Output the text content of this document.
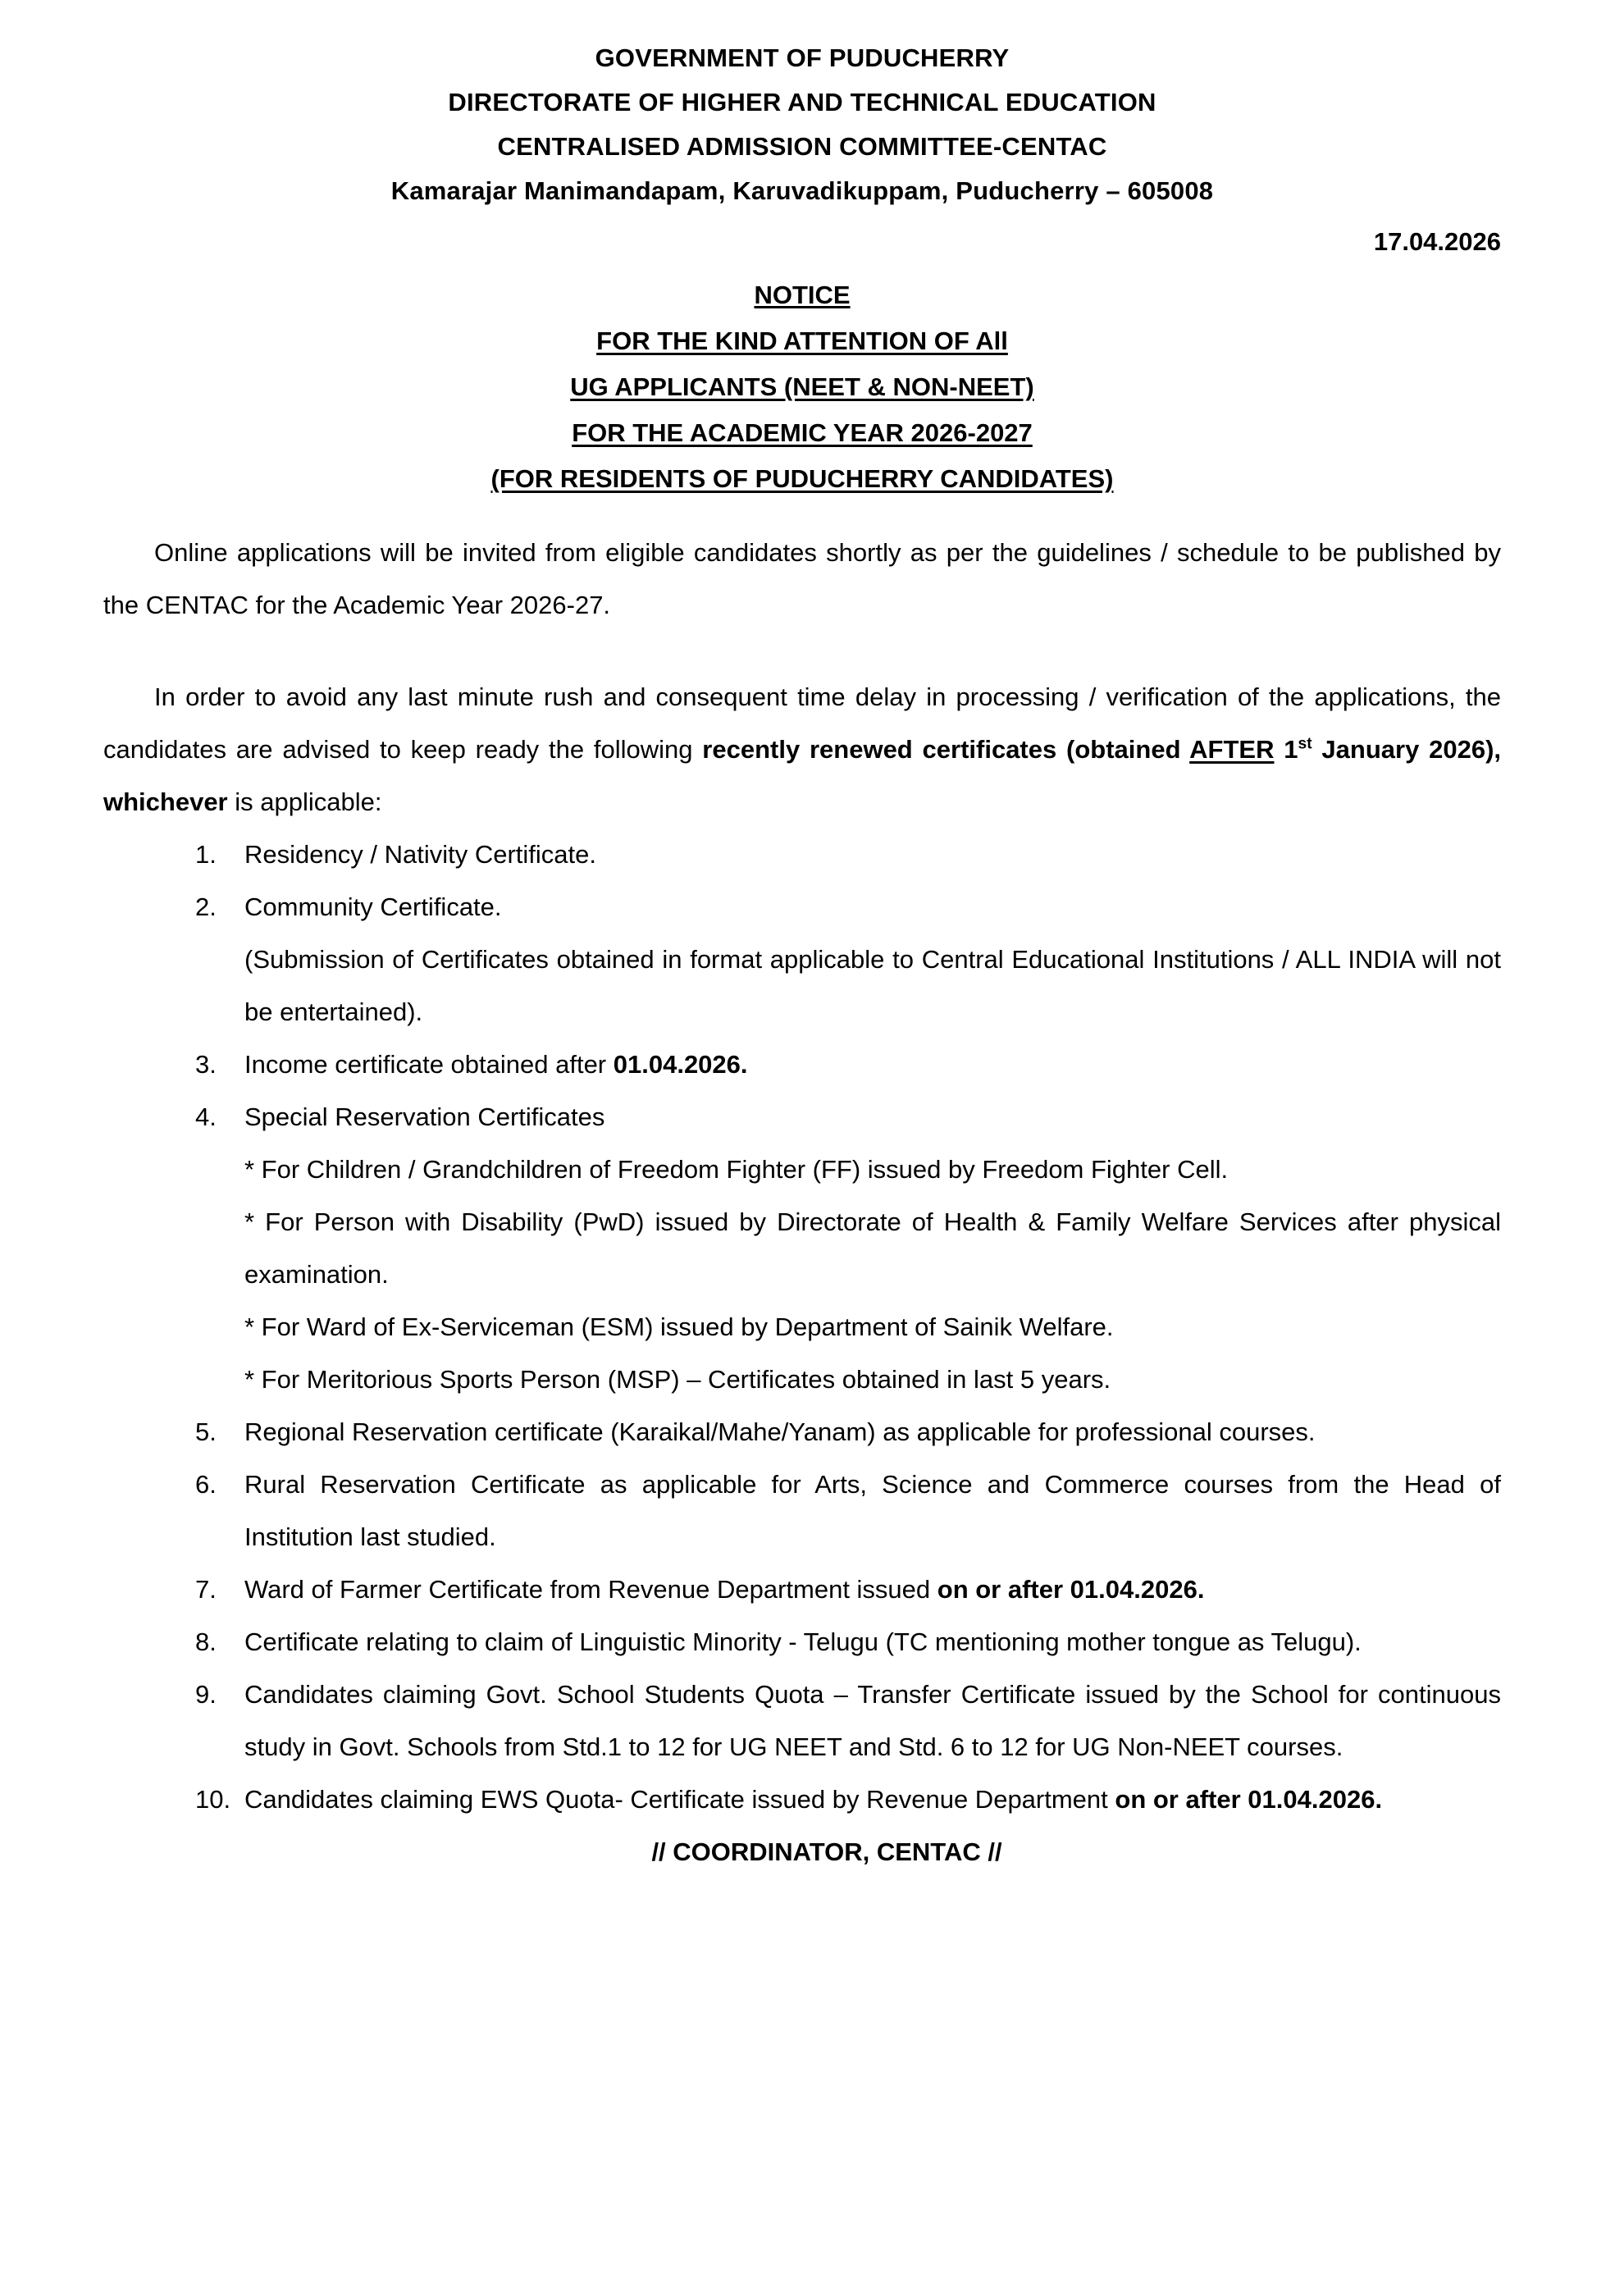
GOVERNMENT OF PUDUCHERRY
DIRECTORATE OF HIGHER AND TECHNICAL EDUCATION
CENTRALISED ADMISSION COMMITTEE-CENTAC
Kamarajar Manimandapam, Karuvadikuppam, Puducherry – 605008
17.04.2026
NOTICE
FOR THE KIND ATTENTION OF All
UG APPLICANTS (NEET & NON-NEET)
FOR THE ACADEMIC YEAR 2026-2027
(FOR RESIDENTS OF PUDUCHERRY CANDIDATES)

Online applications will be invited from eligible candidates shortly as per the guidelines / schedule to be published by the CENTAC for the Academic Year 2026-27.

In order to avoid any last minute rush and consequent time delay in processing / verification of the applications, the candidates are advised to keep ready the following recently renewed certificates (obtained AFTER 1st January 2026), whichever is applicable:

1.	Residency / Nativity Certificate.
2.	Community Certificate.
(Submission of Certificates obtained in format applicable to Central Educational Institutions / ALL INDIA will not be entertained).
3.	Income certificate obtained after 01.04.2026.
4.	Special Reservation Certificates
* For Children / Grandchildren of Freedom Fighter (FF) issued by Freedom Fighter Cell.
* For Person with Disability (PwD) issued by Directorate of Health & Family Welfare Services after physical examination.
* For Ward of Ex-Serviceman (ESM) issued by Department of Sainik Welfare.
* For Meritorious Sports Person (MSP) – Certificates obtained in last 5 years.
5.	Regional Reservation certificate (Karaikal/Mahe/Yanam) as applicable for professional courses.
6.	Rural Reservation Certificate as applicable for Arts, Science and Commerce courses from the Head of Institution last studied.
7.	Ward of Farmer Certificate from Revenue Department issued on or after 01.04.2026.
8.	Certificate relating to claim of Linguistic Minority - Telugu (TC mentioning mother tongue as Telugu).
9.	Candidates claiming Govt. School Students Quota – Transfer Certificate issued by the School for continuous study in Govt. Schools from Std.1 to 12 for UG NEET and Std. 6 to 12 for UG Non-NEET courses.
10. Candidates claiming EWS Quota- Certificate issued by Revenue Department on or after 01.04.2026.
// COORDINATOR, CENTAC //
